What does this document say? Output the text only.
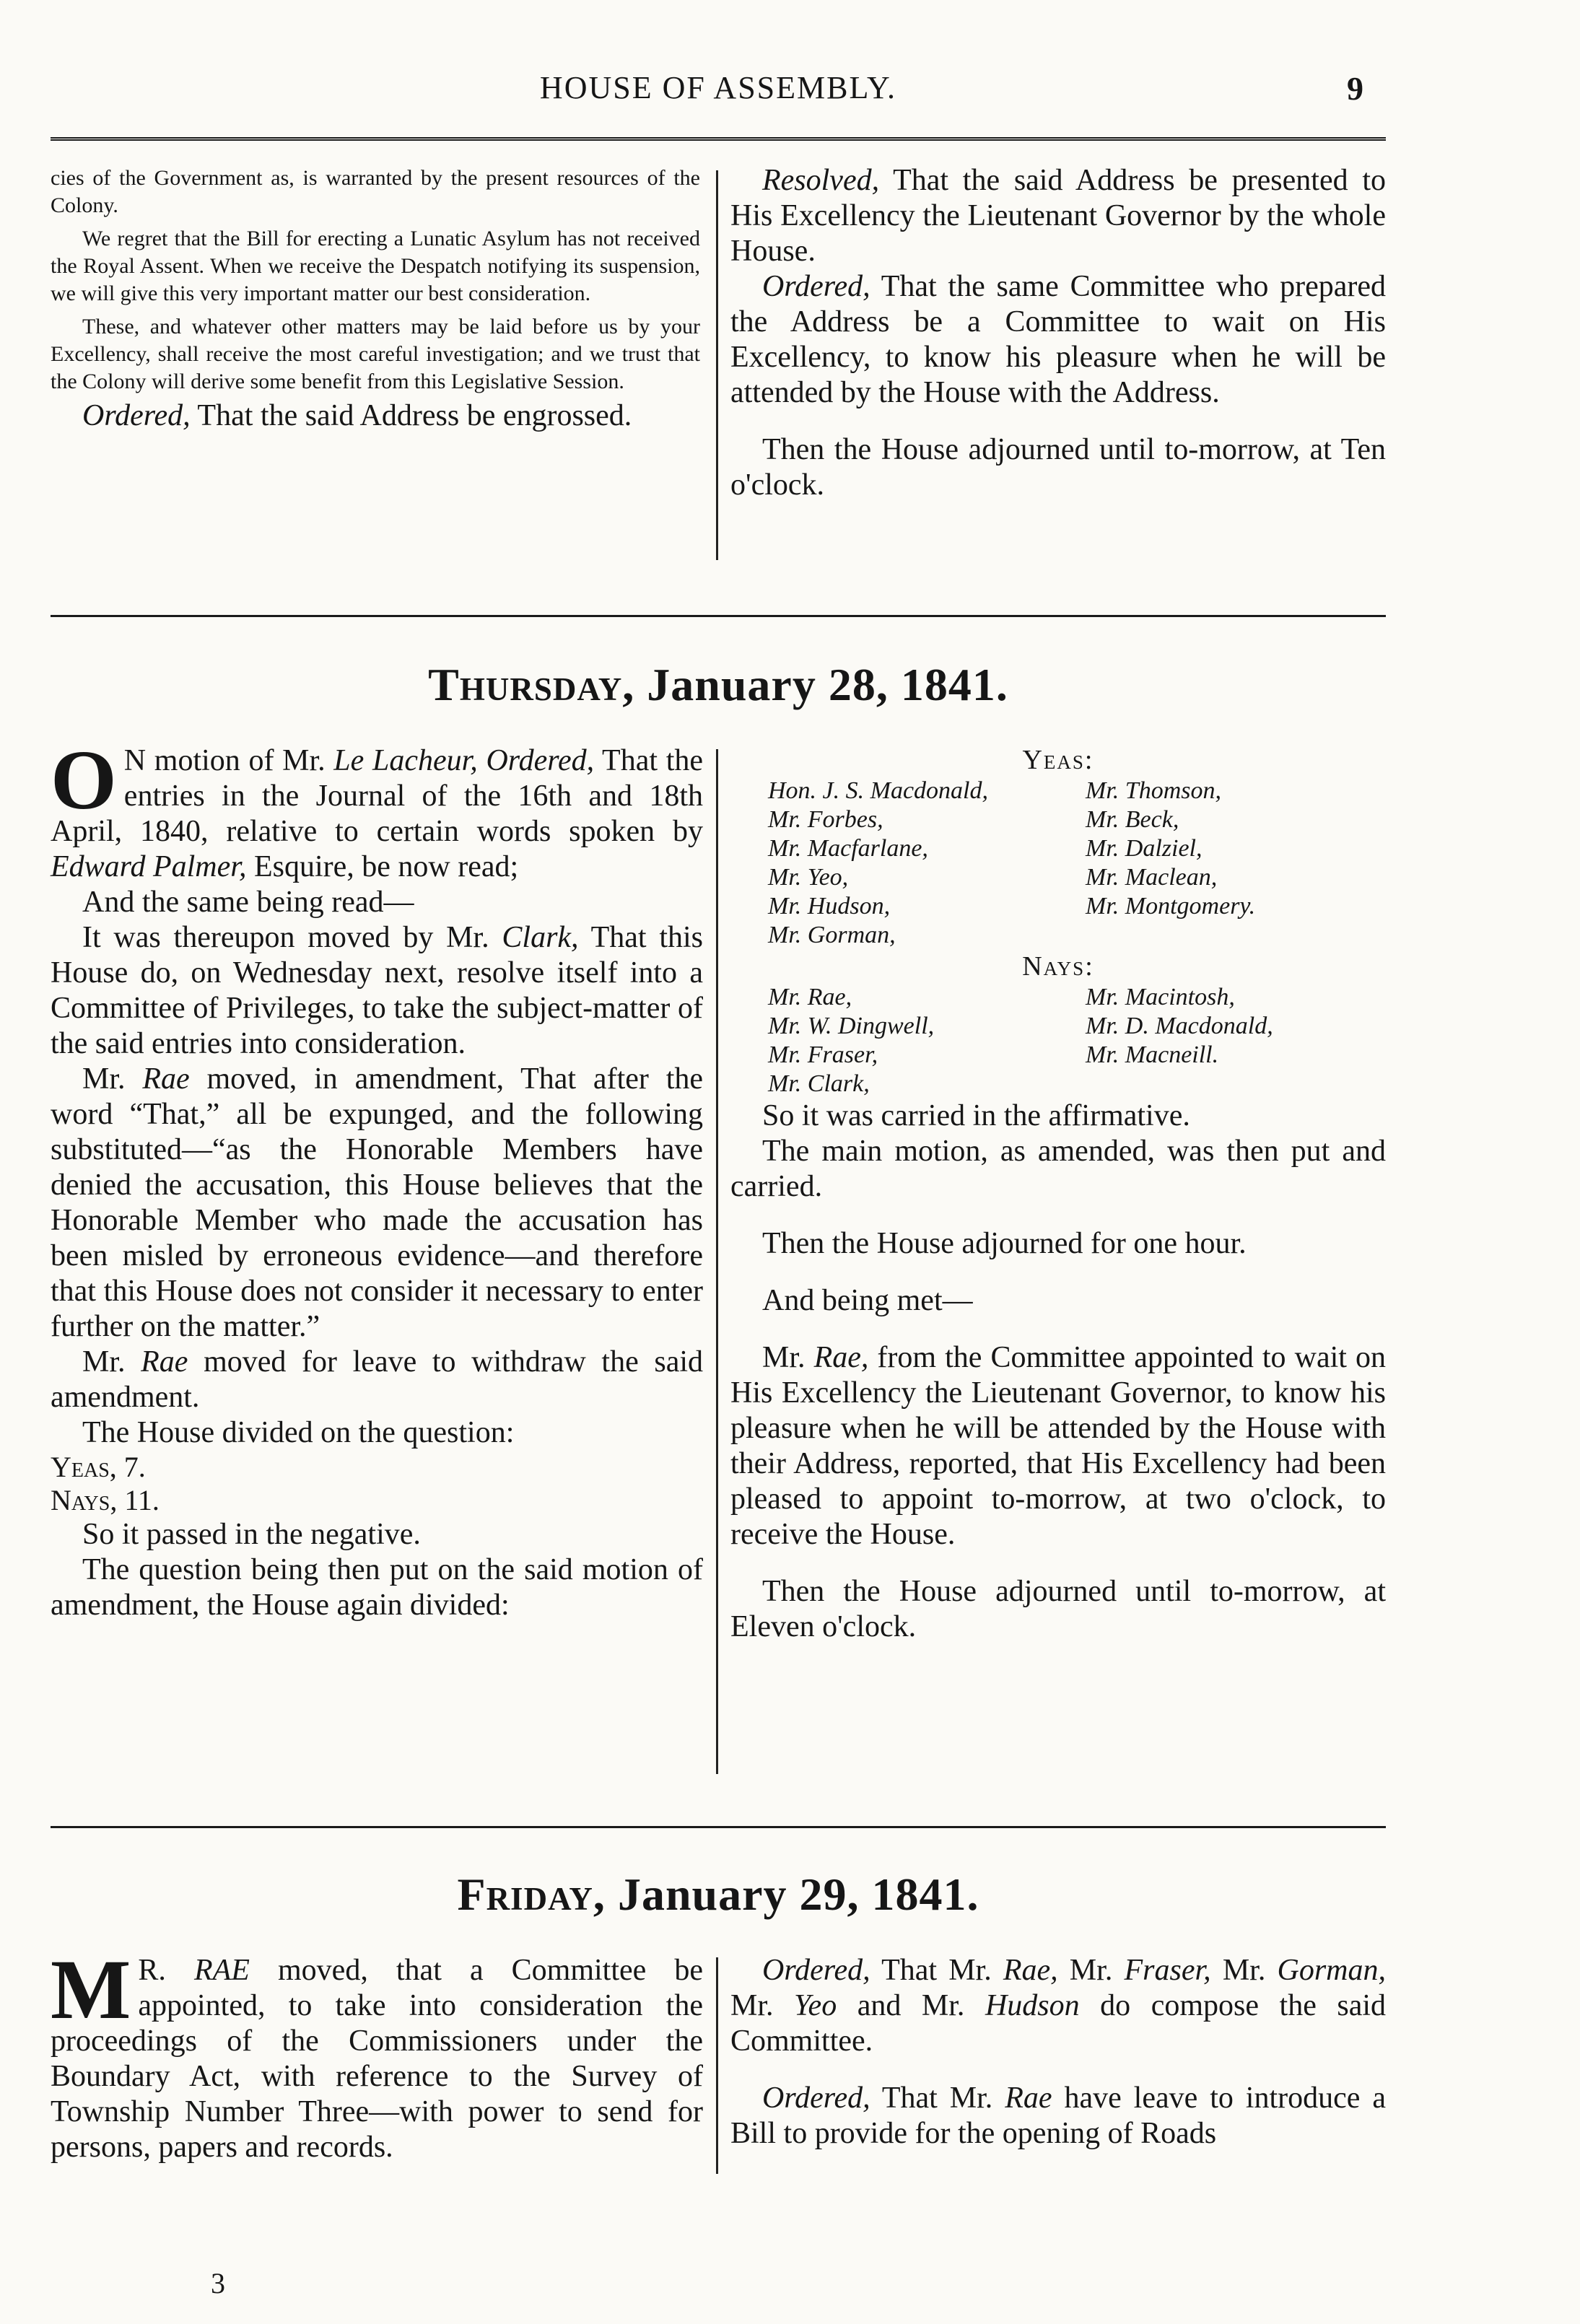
HOUSE OF ASSEMBLY.	9

cies of the Government as, is warranted by the present resources of the Colony.

We regret that the Bill for erecting a Lunatic Asylum has not received the Royal Assent. When we receive the Despatch notifying its suspension, we will give this very important matter our best consideration.

These, and whatever other matters may be laid before us by your Excellency, shall receive the most careful investigation; and we trust that the Colony will derive some benefit from this Legislative Session.

Ordered, That the said Address be engrossed.

Resolved, That the said Address be presented to His Excellency the Lieutenant Governor by the whole House.

Ordered, That the same Committee who prepared the Address be a Committee to wait on His Excellency, to know his pleasure when he will be attended by the House with the Address.

Then the House adjourned until to-morrow, at Ten o'clock.

Thursday, January 28, 1841.

O N motion of Mr. Le Lacheur, Ordered, That the entries in the Journal of the 16th and 18th April, 1840, relative to certain words spoken by Edward Palmer, Esquire, be now read;

And the same being read—

It was thereupon moved by Mr. Clark, That this House do, on Wednesday next, resolve itself into a Committee of Privileges, to take the subject-matter of the said entries into consideration.

Mr. Rae moved, in amendment, That after the word “That,” all be expunged, and the following substituted—“as the Honorable Members have denied the accusation, this House believes that the Honorable Member who made the accusation has been misled by erroneous evidence—and therefore that this House does not consider it necessary to enter further on the matter.”

Mr. Rae moved for leave to withdraw the said amendment.

The House divided on the question:

Yeas, 7.

Nays, 11.

So it passed in the negative.

The question being then put on the said motion of amendment, the House again divided:

Yeas:
Hon. J. S. Macdonald,	Mr. Thomson,
Mr. Forbes,	Mr. Beck,
Mr. Macfarlane,	Mr. Dalziel,
Mr. Yeo,	Mr. Maclean,
Mr. Hudson,	Mr. Montgomery.
Mr. Gorman,	
Nays:
Mr. Rae,	Mr. Macintosh,
Mr. W. Dingwell,	Mr. D. Macdonald,
Mr. Fraser,	Mr. Macneill.
Mr. Clark,	

So it was carried in the affirmative.

The main motion, as amended, was then put and carried.

Then the House adjourned for one hour.

And being met—

Mr. Rae, from the Committee appointed to wait on His Excellency the Lieutenant Governor, to know his pleasure when he will be attended by the House with their Address, reported, that His Excellency had been pleased to appoint to-morrow, at two o'clock, to receive the House.

Then the House adjourned until to-morrow, at Eleven o'clock.

Friday, January 29, 1841.

M R. RAE moved, that a Committee be appointed, to take into consideration the proceedings of the Commissioners under the Boundary Act, with reference to the Survey of Township Number Three—with power to send for persons, papers and records.

Ordered, That Mr. Rae, Mr. Fraser, Mr. Gorman, Mr. Yeo and Mr. Hudson do compose the said Committee.

Ordered, That Mr. Rae have leave to introduce a Bill to provide for the opening of Roads

3
